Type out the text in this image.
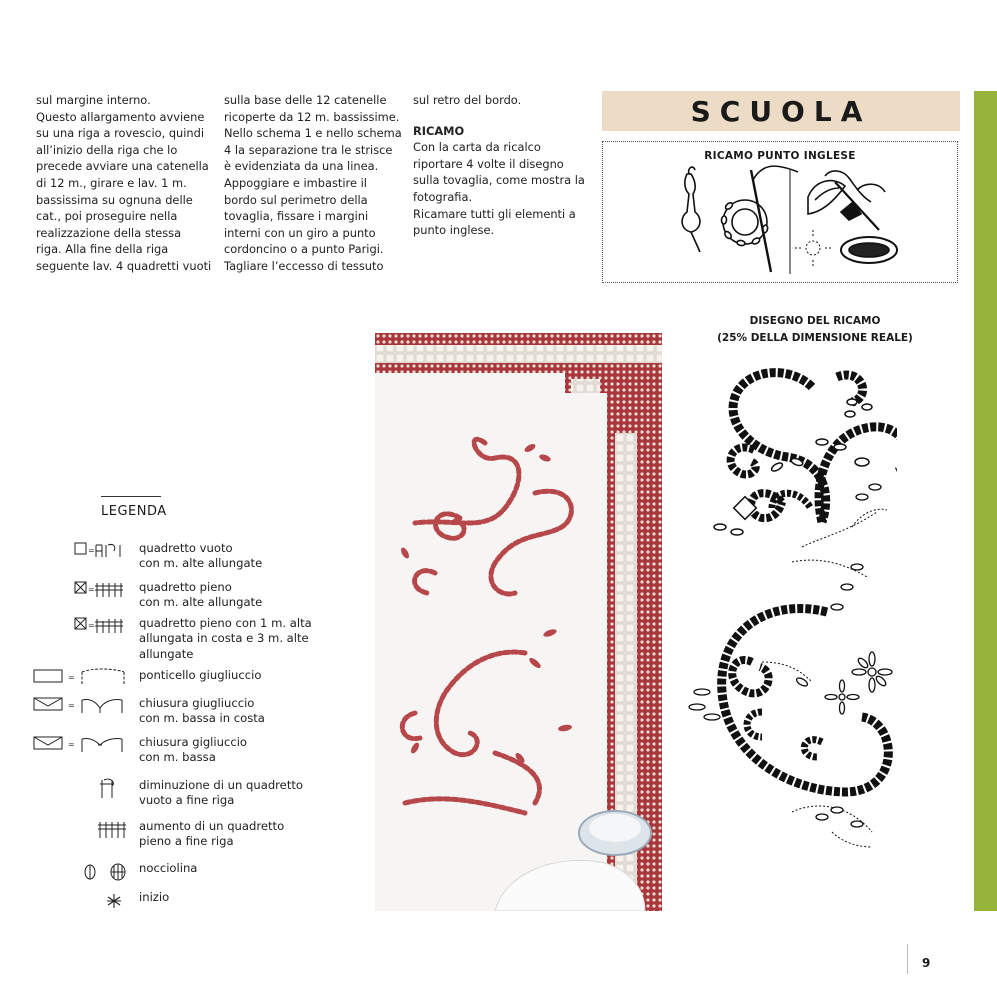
sul margine interno.

Questo allargamento avviene

su una riga a rovescio, quindi

all’inizio della riga che lo

precede avviare una catenella

di 12 m., girare e lav. 1 m.

bassissima su ognuna delle

cat., poi proseguire nella

realizzazione della stessa

riga. Alla fine della riga

seguente lav. 4 quadretti vuoti

sulla base delle 12 catenelle

ricoperte da 12 m. bassissime.

Nello schema 1 e nello schema

4 la separazione tra le strisce

è evidenziata da una linea.

Appoggiare e imbastire il

bordo sul perimetro della

tovaglia, fissare i margini

interni con un giro a punto

cordoncino o a punto Parigi.

Tagliare l’eccesso di tessuto

sul retro del bordo.

RICAMO

Con la carta da ricalco

riportare 4 volte il disegno

sulla tovaglia, come mostra la

fotografia.

Ricamare tutti gli elementi a

punto inglese.

SCUOLA
RICAMO PUNTO INGLESE
DISEGNO DEL RICAMO
(25% DELLA DIMENSIONE REALE)
LEGENDA
=	quadretto vuoto
con m. alte allungate
=	quadretto pieno
con m. alte allungate
=	quadretto pieno con 1 m. alta
allungata in costa e 3 m. alte
allungate
=	ponticello giugliuccio
=	chiusura giugliuccio
con m. bassa in costa
=	chiusura gigliuccio
con m. bassa
diminuzione di un quadretto
vuoto a fine riga
aumento di un quadretto
pieno a fine riga
nocciolina
inizio
9
